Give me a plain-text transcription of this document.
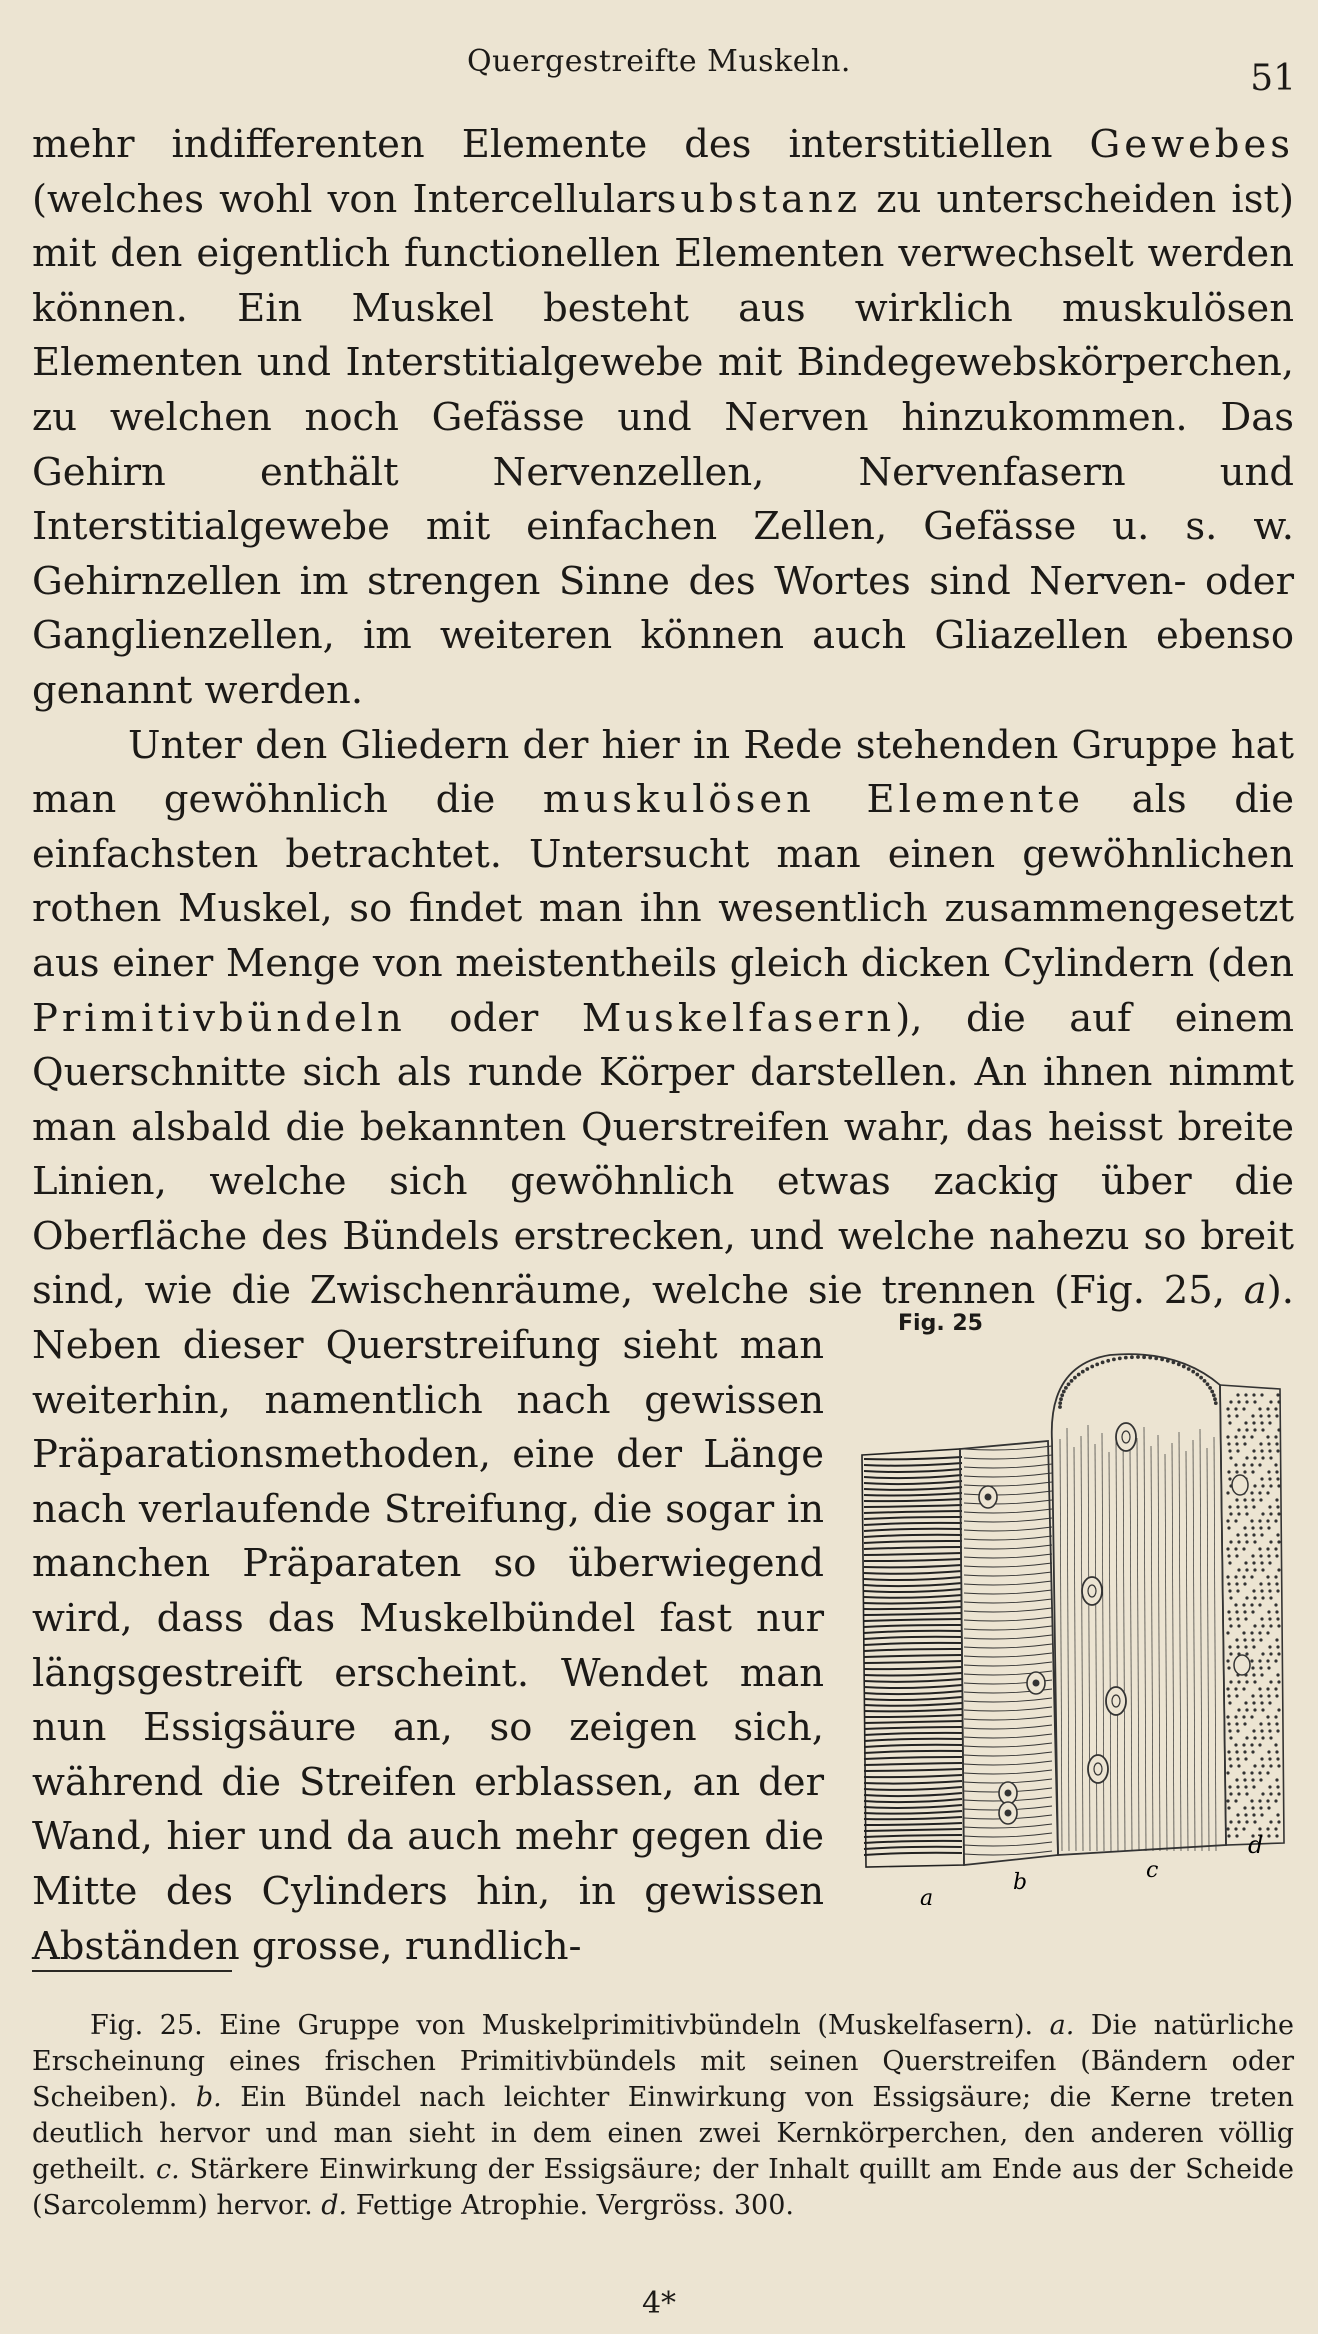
Quergestreifte Muskeln.	51

mehr indifferenten Elemente des interstitiellen Gewebes (welches wohl von Intercellularsubstanz zu unterscheiden ist) mit den eigentlich functionellen Elementen verwechselt werden können. Ein Muskel besteht aus wirklich muskulösen Elementen und Interstitialgewebe mit Bindegewebskörperchen, zu welchen noch Gefässe und Nerven hinzukommen. Das Gehirn enthält Nervenzellen, Nervenfasern und Interstitialgewebe mit einfachen Zellen, Gefässe u. s. w. Gehirnzellen im strengen Sinne des Wortes sind Nerven- oder Ganglienzellen, im weiteren können auch Gliazellen ebenso genannt werden.

Unter den Gliedern der hier in Rede stehenden Gruppe hat man gewöhnlich die muskulösen Elemente als die einfachsten betrachtet. Untersucht man einen gewöhnlichen rothen Muskel, so findet man ihn wesentlich zusammengesetzt aus einer Menge von meistentheils gleich dicken Cylindern (den Primitivbündeln oder Muskelfasern), die auf einem Querschnitte sich als runde Körper darstellen. An ihnen nimmt man alsbald die bekannten Querstreifen wahr, das heisst breite Linien, welche sich gewöhnlich etwas zackig über die Oberfläche des Bündels erstrecken, und welche nahezu so breit sind, wie die Zwischenräume, welche sie trennen (Fig. 25, a). Neben dieser
Querstreifung sieht man weiterhin, namentlich nach gewissen Präparationsmethoden, eine der Länge nach verlaufende Streifung, die sogar in manchen Präparaten so überwiegend wird, dass das Muskelbündel fast nur längsgestreift erscheint. Wendet man nun Essigsäure an, so zeigen sich, während die Streifen erblassen, an der Wand, hier und da auch mehr gegen die Mitte des Cylinders hin, in gewissen Abständen grosse, rundlich-

Fig. 25
a
b	c
d
Fig. 25. Eine Gruppe von Muskelprimitivbündeln (Muskelfasern). a. Die natürliche Erscheinung eines frischen Primitivbündels mit seinen Querstreifen (Bändern oder Scheiben). b. Ein Bündel nach leichter Einwirkung von Essigsäure; die Kerne treten deutlich hervor und man sieht in dem einen zwei Kernkörperchen, den anderen völlig getheilt. c. Stärkere Einwirkung der Essigsäure; der Inhalt quillt am Ende aus der Scheide (Sarcolemm) hervor. d. Fettige Atrophie. Vergröss. 300.
4*
